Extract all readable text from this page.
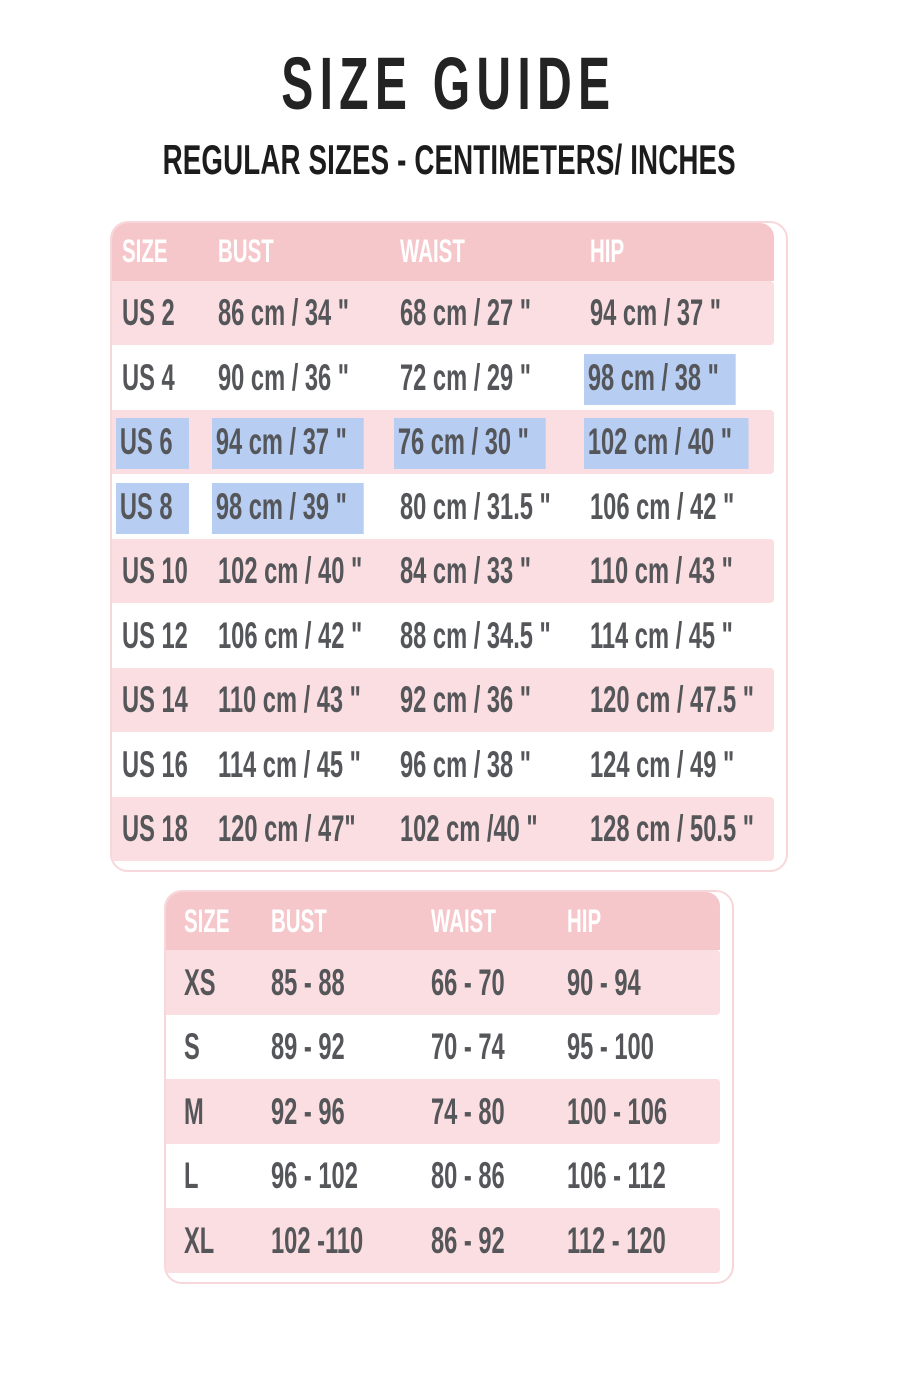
SIZE GUIDE
REGULAR SIZES - CENTIMETERS/ INCHES
SIZE	BUST	WAIST	HIP
US 2	86 cm / 34 "	68 cm / 27 "	94 cm / 37 "
US 4	90 cm / 36 "	72 cm / 29 "	98 cm / 38 "
US 6	94 cm / 37 "	76 cm / 30 "	102 cm / 40 "
US 8	98 cm / 39 "	80 cm / 31.5 "	106 cm / 42 "
US 10 102 cm / 40 "	84 cm / 33 "	110 cm / 43 "
US 12 106 cm / 42 "	88 cm / 34.5 "	114 cm / 45 "
US 14 110 cm / 43 "	92 cm / 36 "	120 cm / 47.5 "
US 16 114 cm / 45 "	96 cm / 38 "	124 cm / 49 "
US 18 120 cm / 47"	102 cm /40 "	128 cm / 50.5 "
SIZE	BUST	WAIST	HIP
XS	85 - 88	66 - 70	90 - 94
S	89 - 92	70 - 74	95 - 100
M	92 - 96	74 - 80	100 - 106
L	96 - 102	80 - 86	106 - 112
XL	102 -110	86 - 92	112 - 120
